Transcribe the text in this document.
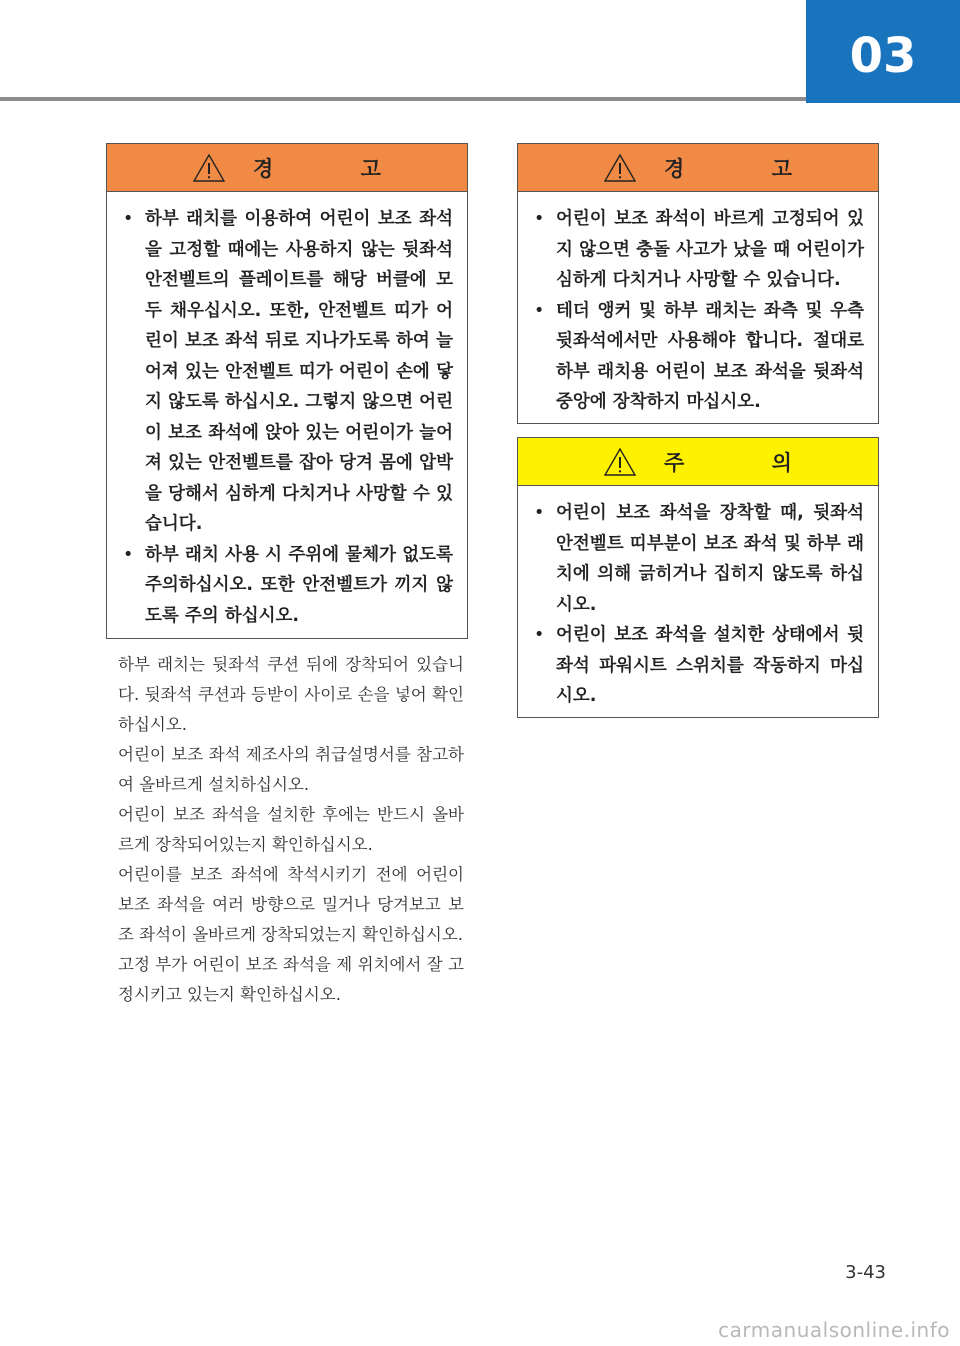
03
경 고
• 하부 래치를 이용하여 어린이 보조 좌석을 고정할 때에는 사용하지 않는 뒷좌석 안전벨트의 플레이트를 해당 버클에 모두 채우십시오. 또한, 안전벨트 띠가 어린이 보조 좌석 뒤로 지나가도록 하여 늘어져 있는 안전벨트 띠가 어린이 손에 닿지 않도록 하십시오. 그렇지 않으면 어린이 보조 좌석에 앉아 있는 어린이가 늘어져 있는 안전벨트를 잡아 당겨 몸에 압박을 당해서 심하게 다치거나 사망할 수 있습니다.
• 하부 래치 사용 시 주위에 물체가 없도록 주의하십시오. 또한 안전벨트가 끼지 않도록 주의 하십시오.

하부 래치는 뒷좌석 쿠션 뒤에 장착되어 있습니다. 뒷좌석 쿠션과 등받이 사이로 손을 넣어 확인하십시오.

어린이 보조 좌석 제조사의 취급설명서를 참고하여 올바르게 설치하십시오.

어린이 보조 좌석을 설치한 후에는 반드시 올바르게 장착되어있는지 확인하십시오.

어린이를 보조 좌석에 착석시키기 전에 어린이 보조 좌석을 여러 방향으로 밀거나 당겨보고 보조 좌석이 올바르게 장착되었는지 확인하십시오.

고정 부가 어린이 보조 좌석을 제 위치에서 잘 고정시키고 있는지 확인하십시오.

경 고
• 어린이 보조 좌석이 바르게 고정되어 있지 않으면 충돌 사고가 났을 때 어린이가 심하게 다치거나 사망할 수 있습니다.
• 테더 앵커 및 하부 래치는 좌측 및 우측 뒷좌석에서만 사용해야 합니다. 절대로 하부 래치용 어린이 보조 좌석을 뒷좌석 중앙에 장착하지 마십시오.
주 의
• 어린이 보조 좌석을 장착할 때, 뒷좌석 안전벨트 띠부분이 보조 좌석 및 하부 래치에 의해 긁히거나 집히지 않도록 하십시오.
• 어린이 보조 좌석을 설치한 상태에서 뒷좌석 파워시트 스위치를 작동하지 마십시오.
3-43
carmanualsonline.info
